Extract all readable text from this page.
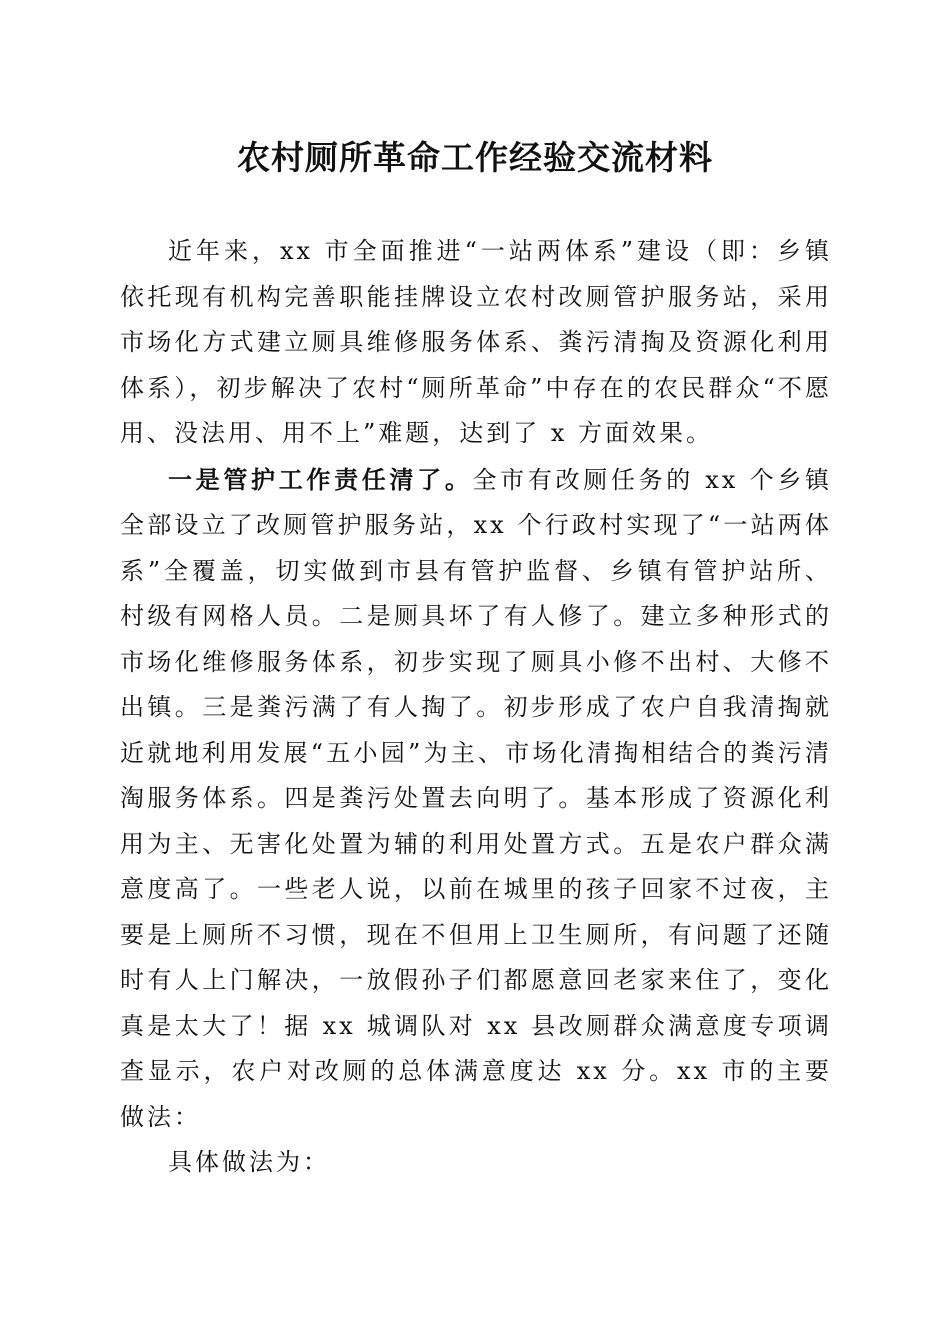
农村厕所革命工作经验交流材料

近年来，xx 市全面推进“一站两体系”建设（即：乡镇依托现有机构完善职能挂牌设立农村改厕管护服务站，采用市场化方式建立厕具维修服务体系、粪污清掏及资源化利用体系），初步解决了农村“厕所革命”中存在的农民群众“不愿用、没法用、用不上”难题，达到了 x 方面效果。

一是管护工作责任清了。全市有改厕任务的 xx 个乡镇全部设立了改厕管护服务站，xx 个行政村实现了“一站两体系”全覆盖，切实做到市县有管护监督、乡镇有管护站所、村级有网格人员。二是厕具坏了有人修了。建立多种形式的市场化维修服务体系，初步实现了厕具小修不出村、大修不出镇。三是粪污满了有人掏了。初步形成了农户自我清掏就近就地利用发展“五小园”为主、市场化清掏相结合的粪污清淘服务体系。四是粪污处置去向明了。基本形成了资源化利用为主、无害化处置为辅的利用处置方式。五是农户群众满意度高了。一些老人说，以前在城里的孩子回家不过夜，主要是上厕所不习惯，现在不但用上卫生厕所，有问题了还随时有人上门解决，一放假孙子们都愿意回老家来住了，变化真是太大了！据 xx 城调队对 xx 县改厕群众满意度专项调查显示，农户对改厕的总体满意度达 xx 分。xx 市的主要做法：

具体做法为：
